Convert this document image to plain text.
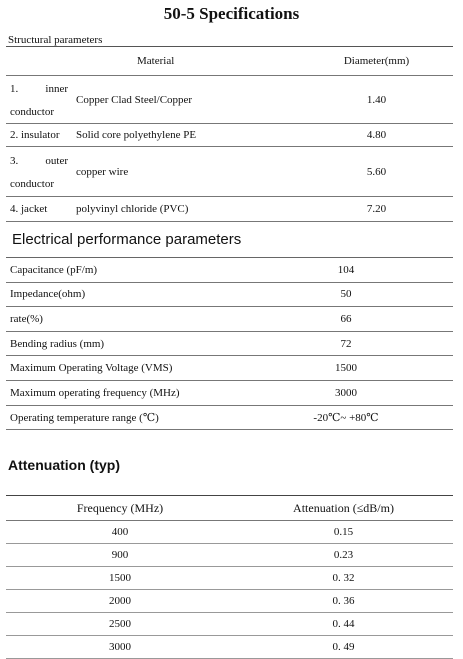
50-5 Specifications
Structural parameters
	Material	Diameter(mm)

1. inner
conductor	Copper Clad Steel/Copper	1.40
2. insulator	Solid core polyethylene PE	4.80

3. outer
conductor	copper wire	5.60
4. jacket	polyvinyl chloride (PVC)	7.20
Electrical performance parameters
Capacitance (pF/m)	104
Impedance(ohm)	50
rate(%)	66
Bending radius (mm)	72
Maximum Operating Voltage (VMS)	1500
Maximum operating frequency (MHz)	3000
Operating temperature range (℃)	-20℃~ +80℃
Attenuation (typ)
Frequency (MHz)	Attenuation (≤dB/m)
400	0.15
900	0.23
1500	0. 32
2000	0. 36
2500	0. 44
3000	0. 49
